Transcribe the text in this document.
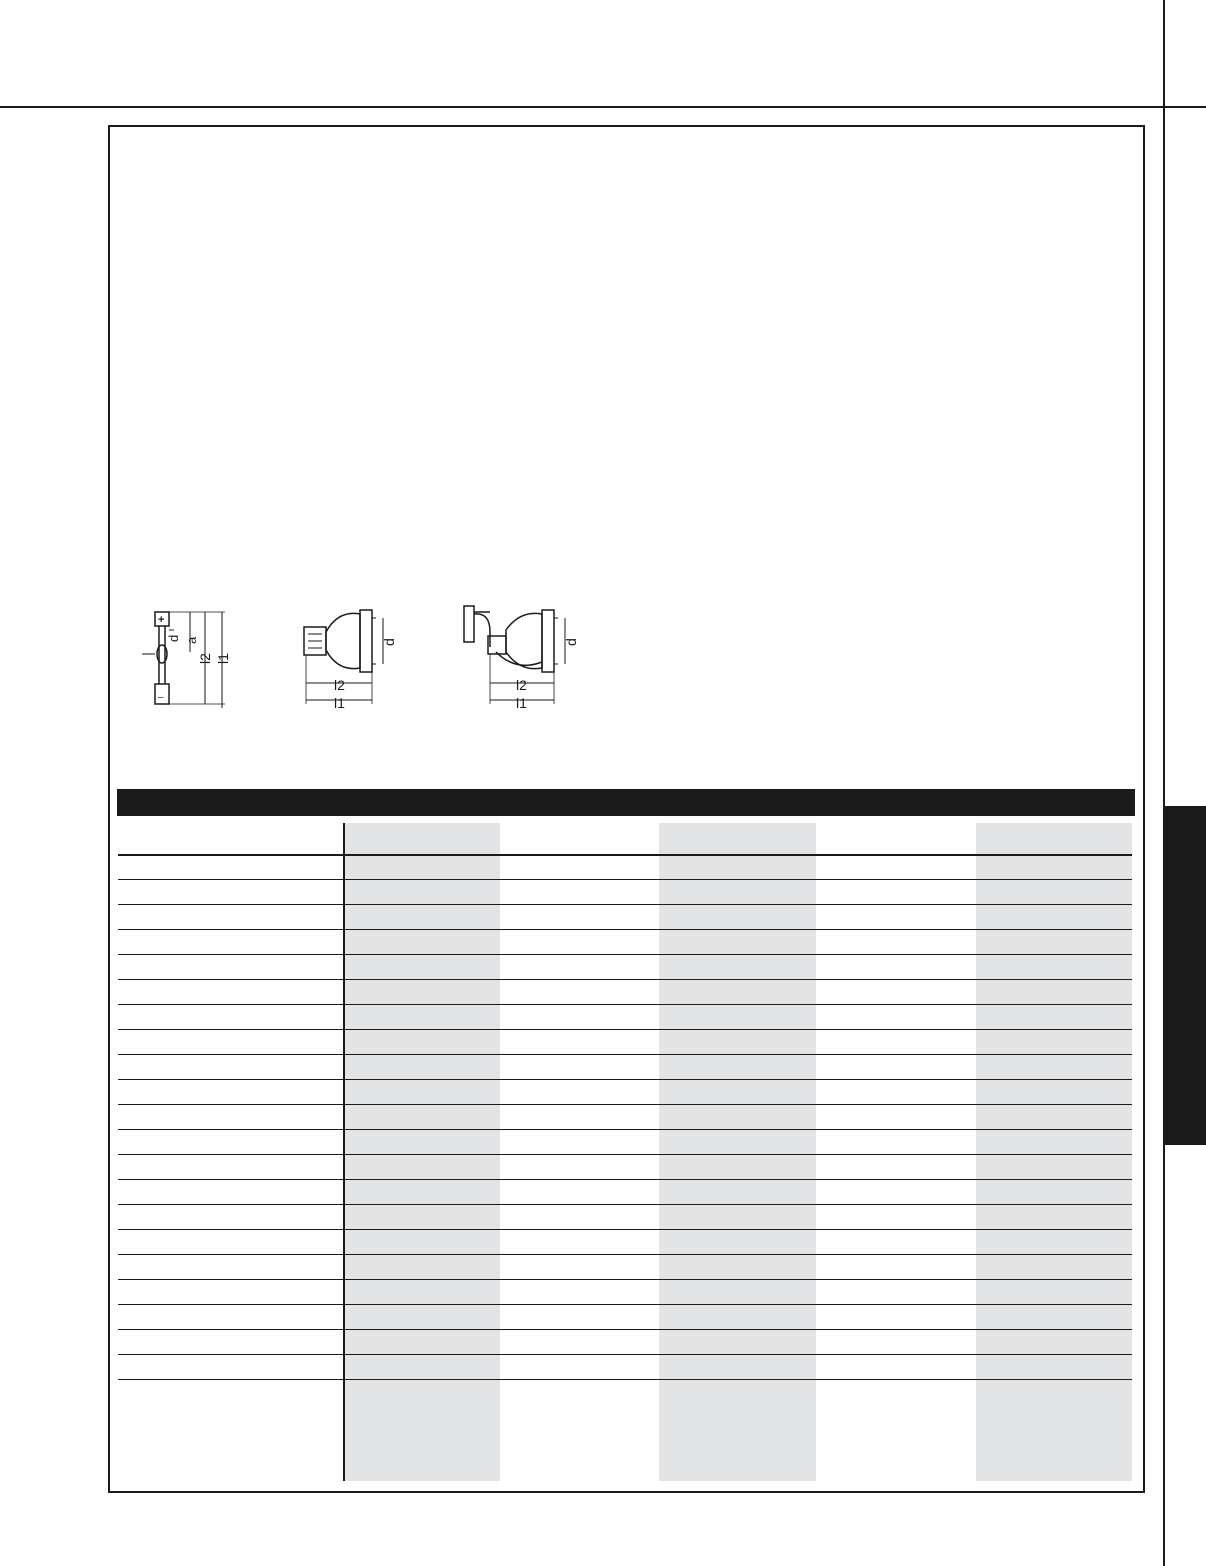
+
–
d a
l2 l1
d
l2
l1
d
l2
l1
